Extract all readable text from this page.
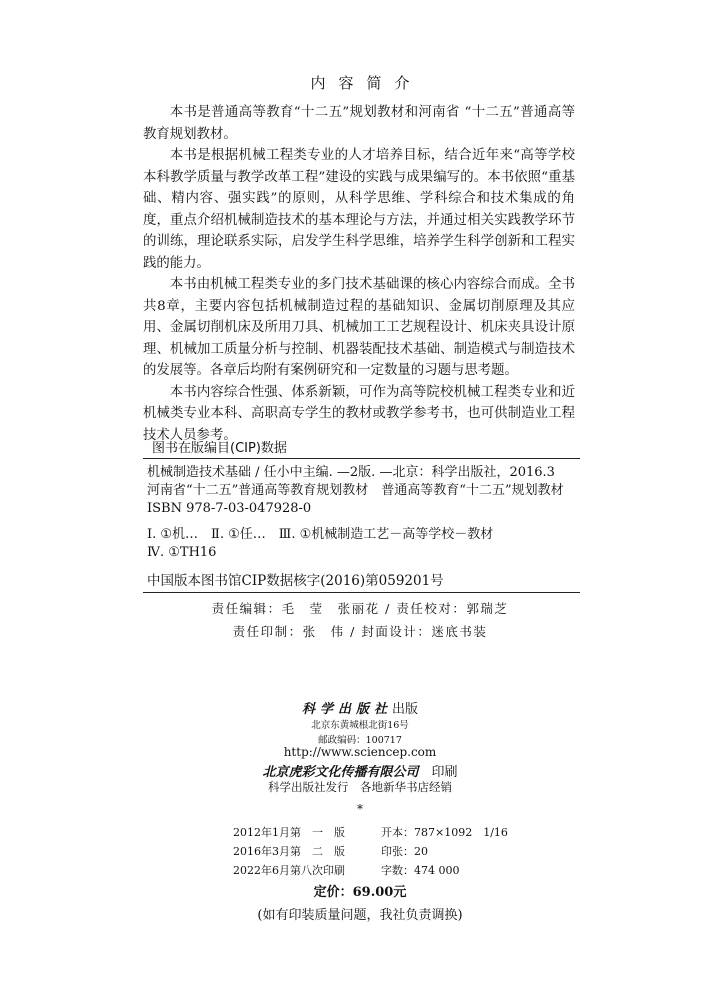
内容简介

本书是普通高等教育“十二五”规划教材和河南省 “十二五”普通高等教育规划教材。

本书是根据机械工程类专业的人才培养目标，结合近年来“高等学校本科教学质量与教学改革工程”建设的实践与成果编写的。本书依照“重基础、精内容、强实践”的原则，从科学思维、学科综合和技术集成的角度，重点介绍机械制造技术的基本理论与方法，并通过相关实践教学环节的训练，理论联系实际，启发学生科学思维，培养学生科学创新和工程实践的能力。

本书由机械工程类专业的多门技术基础课的核心内容综合而成。全书共8章，主要内容包括机械制造过程的基础知识、金属切削原理及其应用、金属切削机床及所用刀具、机械加工工艺规程设计、机床夹具设计原理、机械加工质量分析与控制、机器装配技术基础、制造模式与制造技术的发展等。各章后均附有案例研究和一定数量的习题与思考题。

本书内容综合性强、体系新颖，可作为高等院校机械工程类专业和近机械类专业本科、高职高专学生的教材或教学参考书，也可供制造业工程技术人员参考。

图书在版编目(CIP)数据
机械制造技术基础 / 任小中主编. —2版. —北京：科学出版社，2016.3
河南省“十二五”普通高等教育规划教材　普通高等教育“十二五”规划教材
ISBN 978-7-03-047928-0
Ⅰ. ①机…　Ⅱ. ①任…　Ⅲ. ①机械制造工艺－高等学校－教材
Ⅳ. ①TH16
中国版本图书馆CIP数据核字(2016)第059201号
责任编辑：毛　莹　张丽花 / 责任校对：郭瑞芝
责任印制：张　伟 / 封面设计：迷底书装
科学出版社出版
北京东黄城根北街16号
邮政编码：100717
http://www.sciencep.com
北京虎彩文化传播有限公司　 印刷
科学出版社发行　各地新华书店经销
*
2012年1月第　一　版	开本：787×1092　1/16
2016年3月第　二　版	印张：20
2022年6月第八次印刷	字数：474 000
定价：69.00元
(如有印装质量问题，我社负责调换)
